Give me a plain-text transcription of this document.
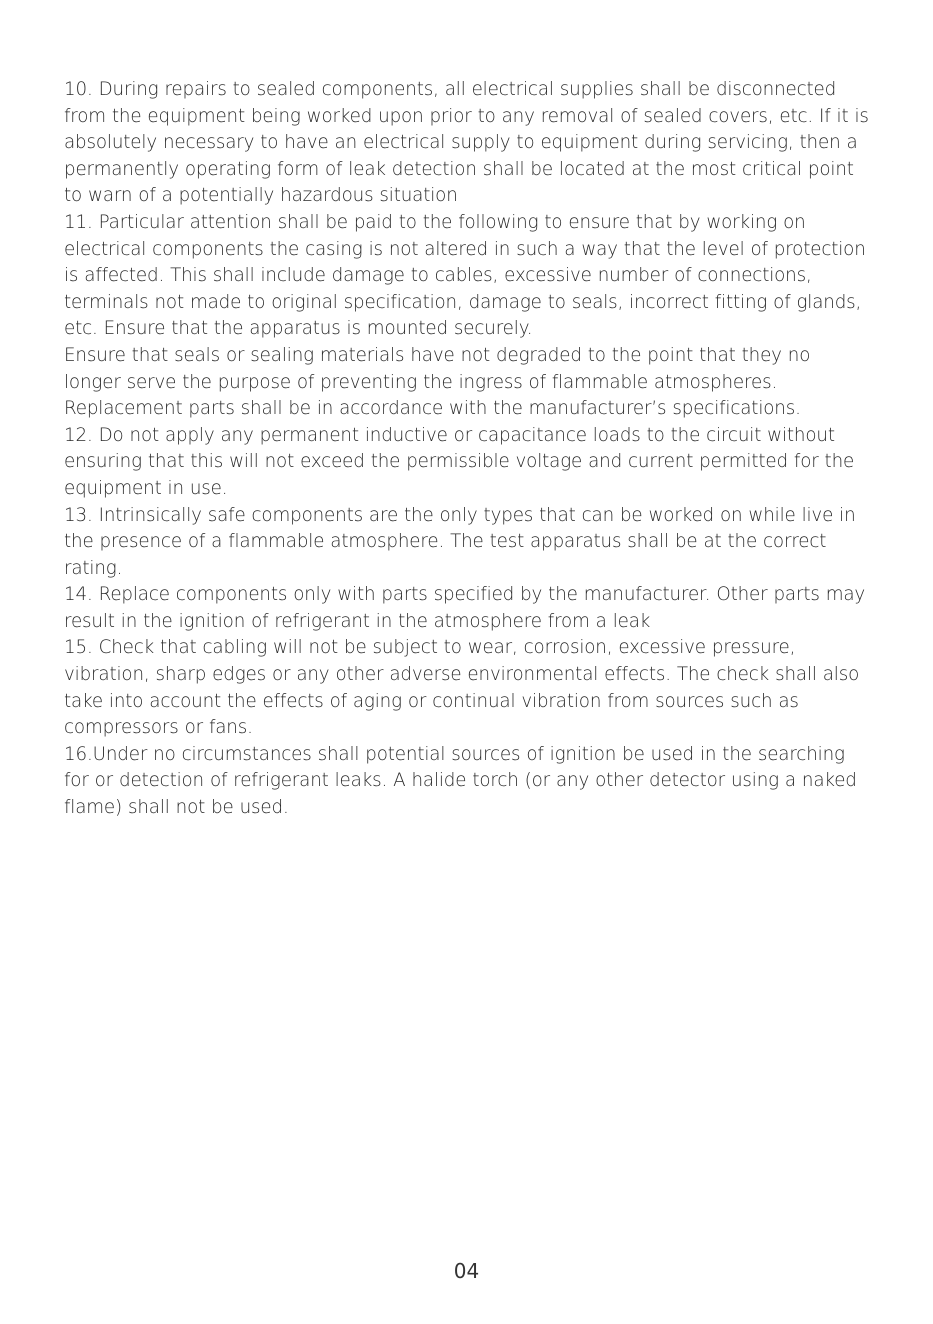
10. During repairs to sealed components, all electrical supplies shall be disconnected from the equipment being worked upon prior to any removal of sealed covers, etc. If it is absolutely necessary to have an electrical supply to equipment during servicing, then a permanently operating form of leak detection shall be located at the most critical point to warn of a potentially hazardous situation

11. Particular attention shall be paid to the following to ensure that by working on electrical components the casing is not altered in such a way that the level of protection is affected. This shall include damage to cables, excessive number of connections, terminals not made to original specification, damage to seals, incorrect fitting of glands, etc. Ensure that the apparatus is mounted securely.

Ensure that seals or sealing materials have not degraded to the point that they no longer serve the purpose of preventing the ingress of flammable atmospheres. Replacement parts shall be in accordance with the manufacturer’s specifications.

12. Do not apply any permanent inductive or capacitance loads to the circuit without ensuring that this will not exceed the permissible voltage and current permitted for the equipment in use.

13. Intrinsically safe components are the only types that can be worked on while live in the presence of a flammable atmosphere. The test apparatus shall be at the correct rating.

14. Replace components only with parts specified by the manufacturer. Other parts may result in the ignition of refrigerant in the atmosphere from a leak

15. Check that cabling will not be subject to wear, corrosion, excessive pressure, vibration, sharp edges or any other adverse environmental effects. The check shall also take into account the effects of aging or continual vibration from sources such as compressors or fans.

16.Under no circumstances shall potential sources of ignition be used in the searching for or detection of refrigerant leaks. A halide torch (or any other detector using a naked flame) shall not be used.

04
